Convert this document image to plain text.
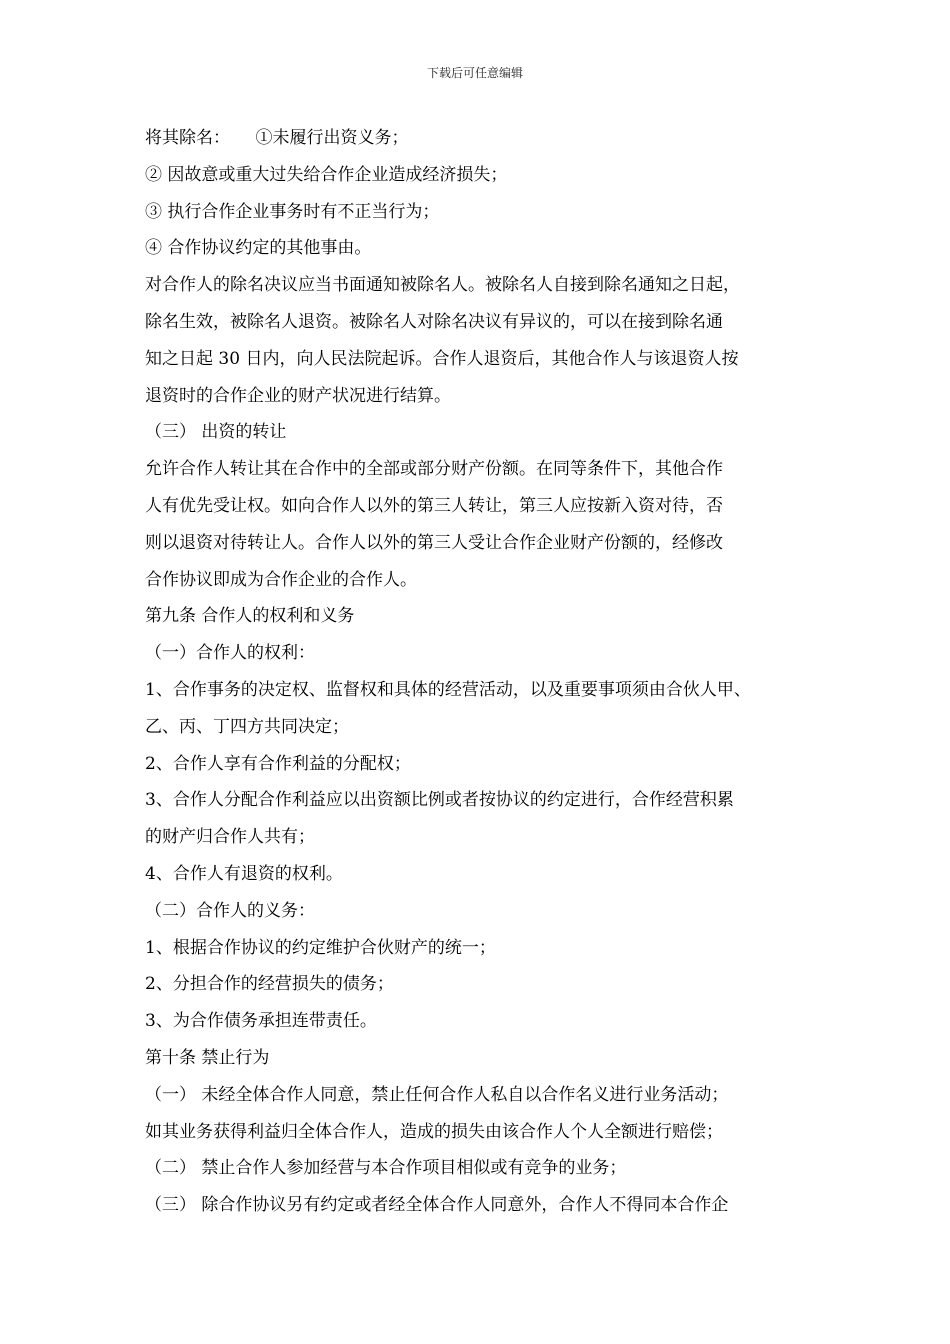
下载后可任意编辑
将其除名：　　①未履行出资义务；
② 因故意或重大过失给合作企业造成经济损失；
③ 执行合作企业事务时有不正当行为；
④ 合作协议约定的其他事由。
对合作人的除名决议应当书面通知被除名人。被除名人自接到除名通知之日起，
除名生效，被除名人退资。被除名人对除名决议有异议的，可以在接到除名通
知之日起 30 日内，向人民法院起诉。合作人退资后，其他合作人与该退资人按
退资时的合作企业的财产状况进行结算。
（三） 出资的转让
允许合作人转让其在合作中的全部或部分财产份额。在同等条件下，其他合作
人有优先受让权。如向合作人以外的第三人转让，第三人应按新入资对待，否
则以退资对待转让人。合作人以外的第三人受让合作企业财产份额的，经修改
合作协议即成为合作企业的合作人。
第九条 合作人的权利和义务
（一）合作人的权利：
1、合作事务的决定权、监督权和具体的经营活动，以及重要事项须由合伙人甲、
乙、丙、丁四方共同决定；
2、合作人享有合作利益的分配权；
3、合作人分配合作利益应以出资额比例或者按协议的约定进行，合作经营积累
的财产归合作人共有；
4、合作人有退资的权利。
（二）合作人的义务：
1、根据合作协议的约定维护合伙财产的统一；
2、分担合作的经营损失的债务；
3、为合作债务承担连带责任。
第十条 禁止行为
（一） 未经全体合作人同意，禁止任何合作人私自以合作名义进行业务活动；
如其业务获得利益归全体合作人，造成的损失由该合作人个人全额进行赔偿；
（二） 禁止合作人参加经营与本合作项目相似或有竞争的业务；
（三） 除合作协议另有约定或者经全体合作人同意外，合作人不得同本合作企
